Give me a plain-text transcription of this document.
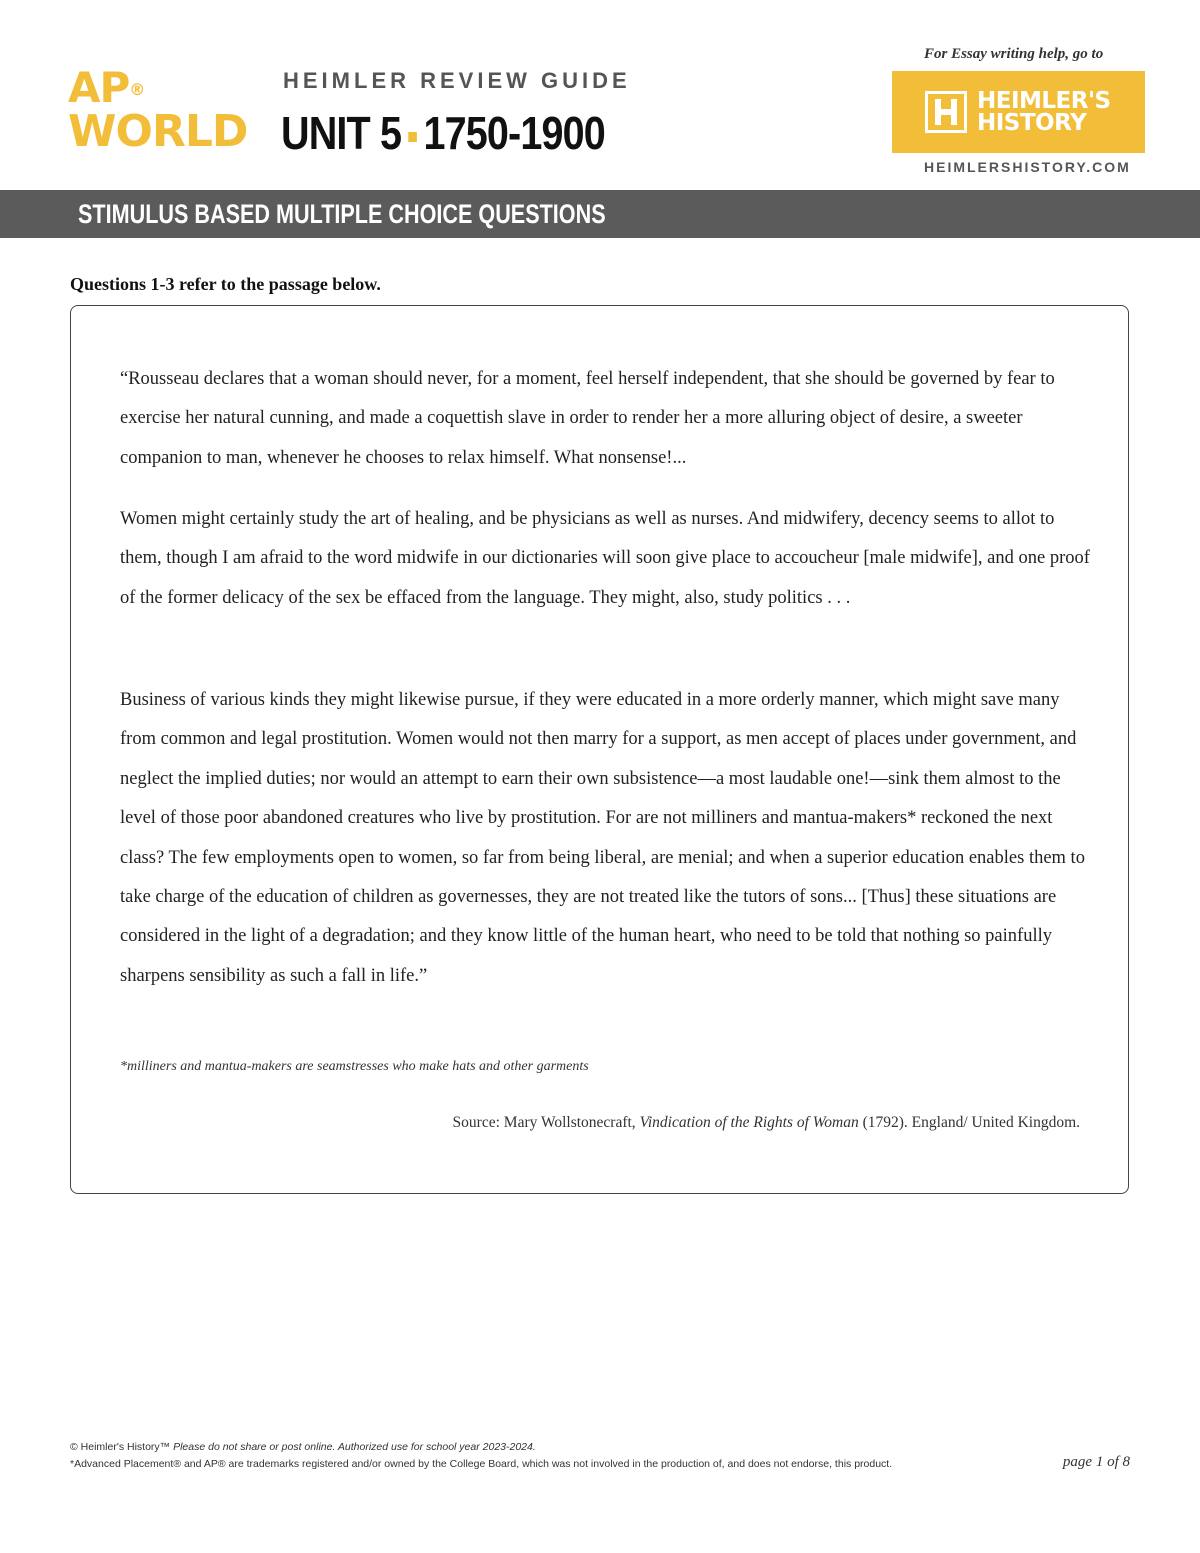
AP®
WORLD
HEIMLER REVIEW GUIDE
UNIT 5 1750-1900
For Essay writing help, go to
HEIMLER'S HISTORY
HEIMLERSHISTORY.COM
STIMULUS BASED MULTIPLE CHOICE QUESTIONS
Questions 1-3 refer to the passage below.

“Rousseau declares that a woman should never, for a moment, feel herself independent, that she should be governed by fear to exercise her natural cunning, and made a coquettish slave in order to render her a more alluring object of desire, a sweeter companion to man, whenever he chooses to relax himself. What nonsense!...

Women might certainly study the art of healing, and be physicians as well as nurses. And midwifery, decency seems to allot to them, though I am afraid to the word midwife in our dictionaries will soon give place to accoucheur [male midwife], and one proof of the former delicacy of the sex be effaced from the language. They might, also, study politics . . .

Business of various kinds they might likewise pursue, if they were educated in a more orderly manner, which might save many from common and legal prostitution. Women would not then marry for a support, as men accept of places under government, and neglect the implied duties; nor would an attempt to earn their own subsistence—a most laudable one!—sink them almost to the level of those poor abandoned creatures who live by prostitution. For are not milliners and mantua-makers* reckoned the next class? The few employments open to women, so far from being liberal, are menial; and when a superior education enables them to take charge of the education of children as governesses, they are not treated like the tutors of sons... [Thus] these situations are considered in the light of a degradation; and they know little of the human heart, who need to be told that nothing so painfully sharpens sensibility as such a fall in life.”

*milliners and mantua-makers are seamstresses who make hats and other garments
Source: Mary Wollstonecraft, Vindication of the Rights of Woman (1792). England/ United Kingdom.
© Heimler's History™ Please do not share or post online. Authorized use for school year 2023-2024.
*Advanced Placement® and AP® are trademarks registered and/or owned by the College Board, which was not involved in the production of, and does not endorse, this product.	page 1 of 8
